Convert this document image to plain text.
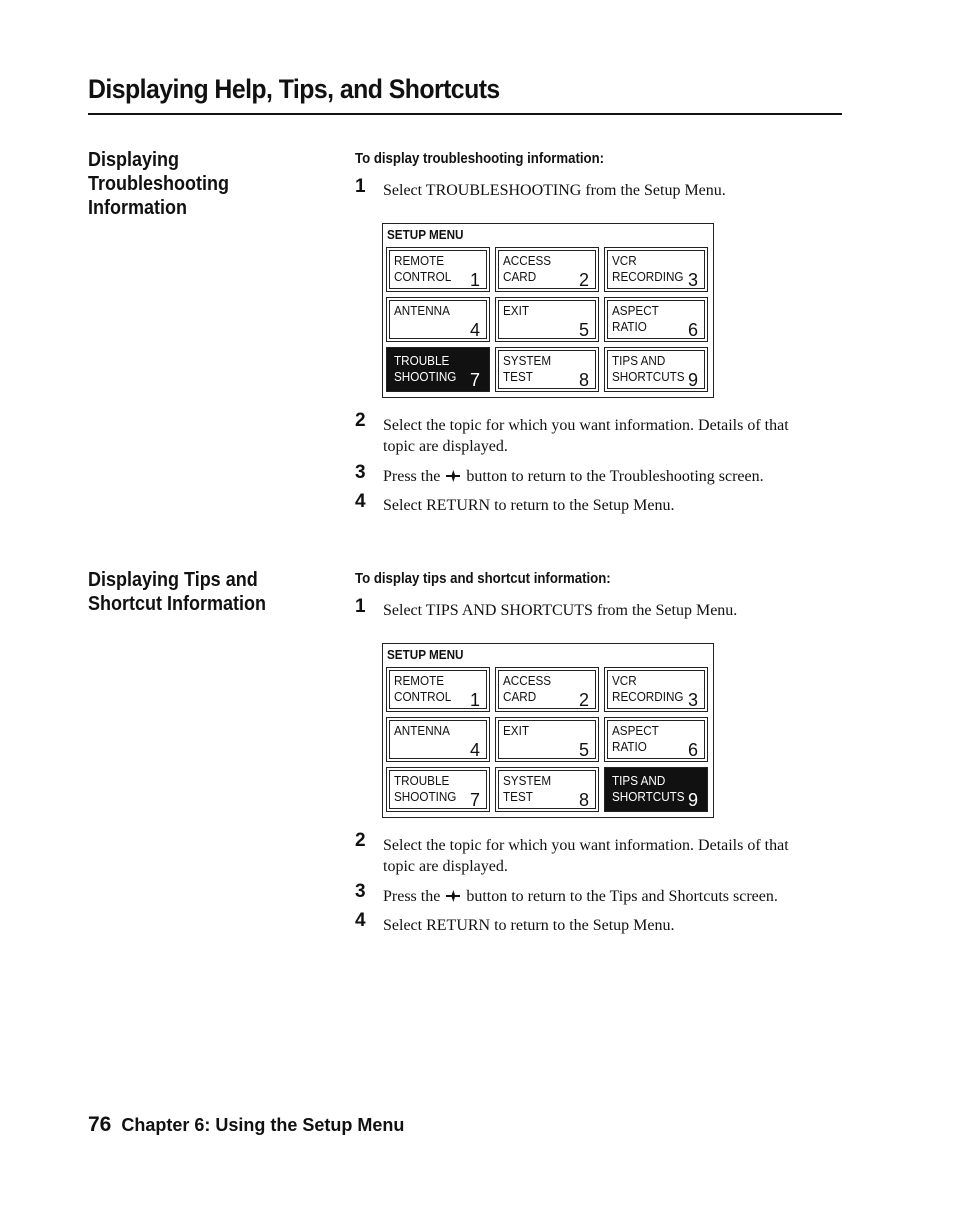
Displaying Help, Tips, and Shortcuts
Displaying Troubleshooting Information
To display troubleshooting information:
1 Select TROUBLESHOOTING from the Setup Menu.
SETUP MENU
REMOTE
CONTROL 1
ACCESS
CARD	2
VCR
RECORDING 3
ANTENNA
4
EXIT
5
ASPECT
RATIO	6
TROUBLE
SHOOTING 7
SYSTEM
TEST	8
TIPS AND
SHORTCUTS 9
2 Select the topic for which you want information. Details of that topic are displayed.
3 Press the button to return to the Troubleshooting screen.
4 Select RETURN to return to the Setup Menu.
Displaying Tips and Shortcut Information
To display tips and shortcut information:
1 Select TIPS AND SHORTCUTS from the Setup Menu.
SETUP MENU
REMOTE
CONTROL 1
ACCESS
CARD	2
VCR
RECORDING 3
ANTENNA
4
EXIT
5
ASPECT
RATIO	6
TROUBLE
SHOOTING 7
SYSTEM
TEST	8
TIPS AND
SHORTCUTS 9
2 Select the topic for which you want information. Details of that topic are displayed.
3 Press the button to return to the Tips and Shortcuts screen.
4 Select RETURN to return to the Setup Menu.
76 Chapter 6: Using the Setup Menu
